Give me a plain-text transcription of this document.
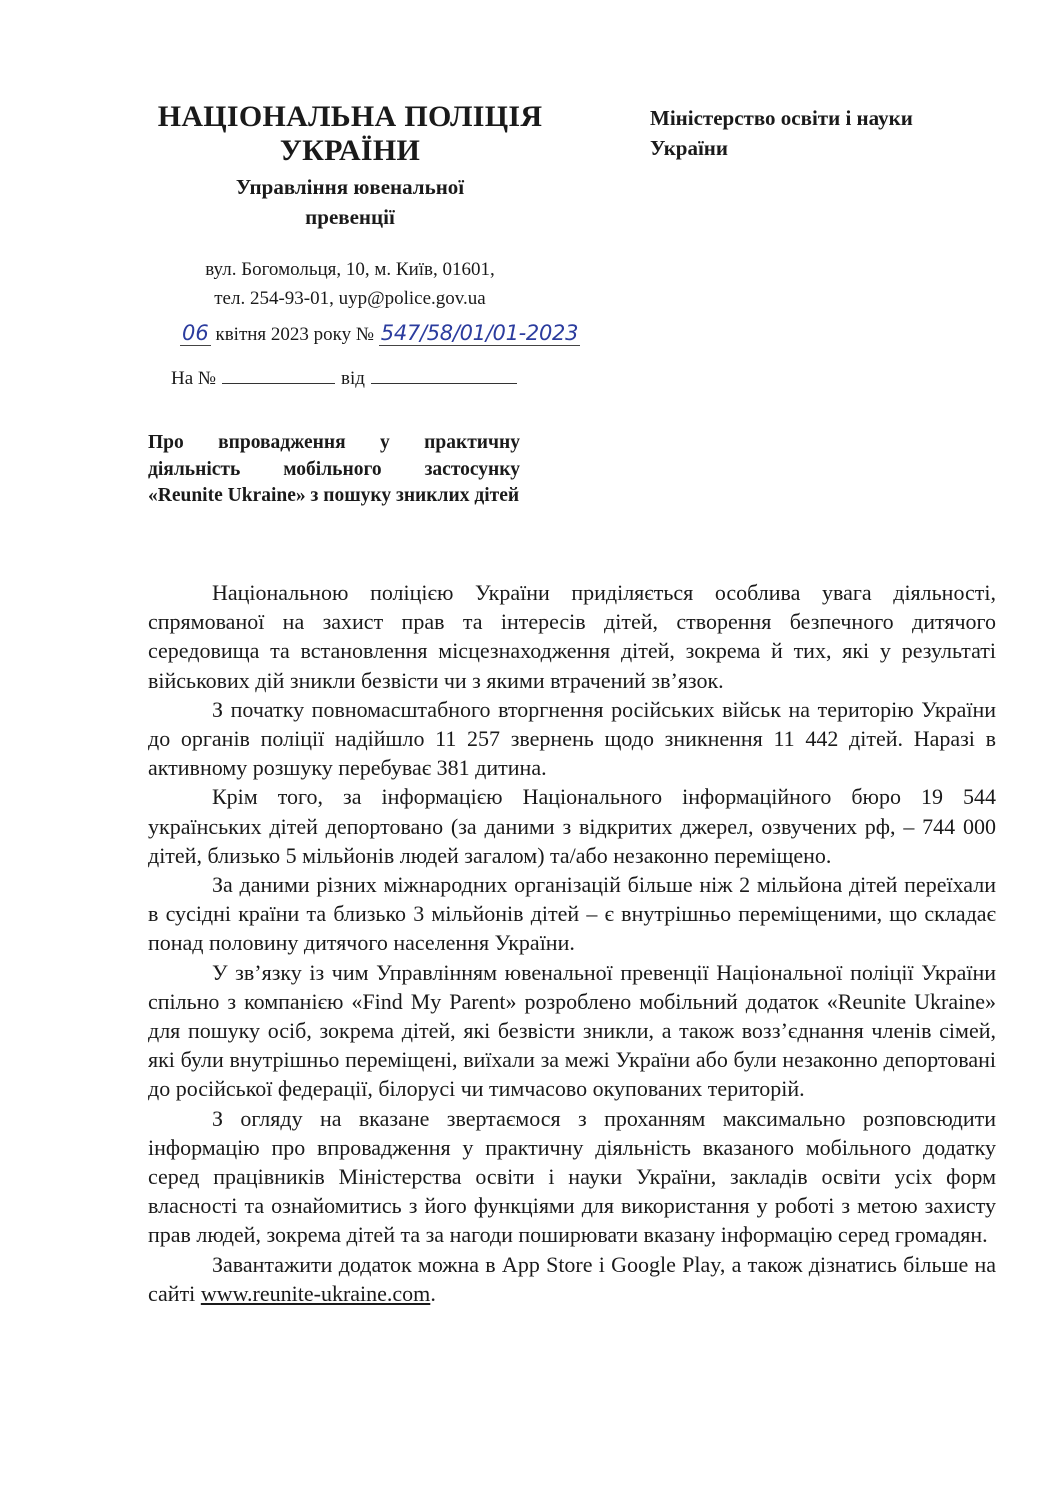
НАЦІОНАЛЬНА ПОЛІЦІЯ
УКРАЇНИ
Управління ювенальної
превенції
вул. Богомольця, 10, м. Київ, 01601,
тел. 254-93-01, uyp@police.gov.ua
Міністерство освіти і науки
України
06 квітня 2023 року № 547/58/01/01-2023
На №	від
Про впровадження у практичну діяльність мобільного застосунку «Reunite Ukraine» з пошуку зниклих дітей

Національною поліцією України приділяється особлива увага діяльності, спрямованої на захист прав та інтересів дітей, створення безпечного дитячого середовища та встановлення місцезнаходження дітей, зокрема й тих, які у результаті військових дій зникли безвісти чи з якими втрачений зв’язок.

З початку повномасштабного вторгнення російських військ на територію України до органів поліції надійшло 11 257 звернень щодо зникнення 11 442 дітей. Наразі в активному розшуку перебуває 381 дитина.

Крім того, за інформацією Національного інформаційного бюро 19 544 українських дітей депортовано (за даними з відкритих джерел, озвучених рф, – 744 000 дітей, близько 5 мільйонів людей загалом) та/або незаконно переміщено.

За даними різних міжнародних організацій більше ніж 2 мільйона дітей переїхали в сусідні країни та близько 3 мільйонів дітей – є внутрішньо переміщеними, що складає понад половину дитячого населення України.

У зв’язку із чим Управлінням ювенальної превенції Національної поліції України спільно з компанією «Find My Parent» розроблено мобільний додаток «Reunite Ukraine» для пошуку осіб, зокрема дітей, які безвісти зникли, а також возз’єднання членів сімей, які були внутрішньо переміщені, виїхали за межі України або були незаконно депортовані до російської федерації, білорусі чи тимчасово окупованих територій.

З огляду на вказане звертаємося з проханням максимально розповсюдити інформацію про впровадження у практичну діяльність вказаного мобільного додатку серед працівників Міністерства освіти і науки України, закладів освіти усіх форм власності та ознайомитись з його функціями для використання у роботі з метою захисту прав людей, зокрема дітей та за нагоди поширювати вказану інформацію серед громадян.

Завантажити додаток можна в App Store і Google Play, а також дізнатись більше на сайті www.reunite-ukraine.com.
